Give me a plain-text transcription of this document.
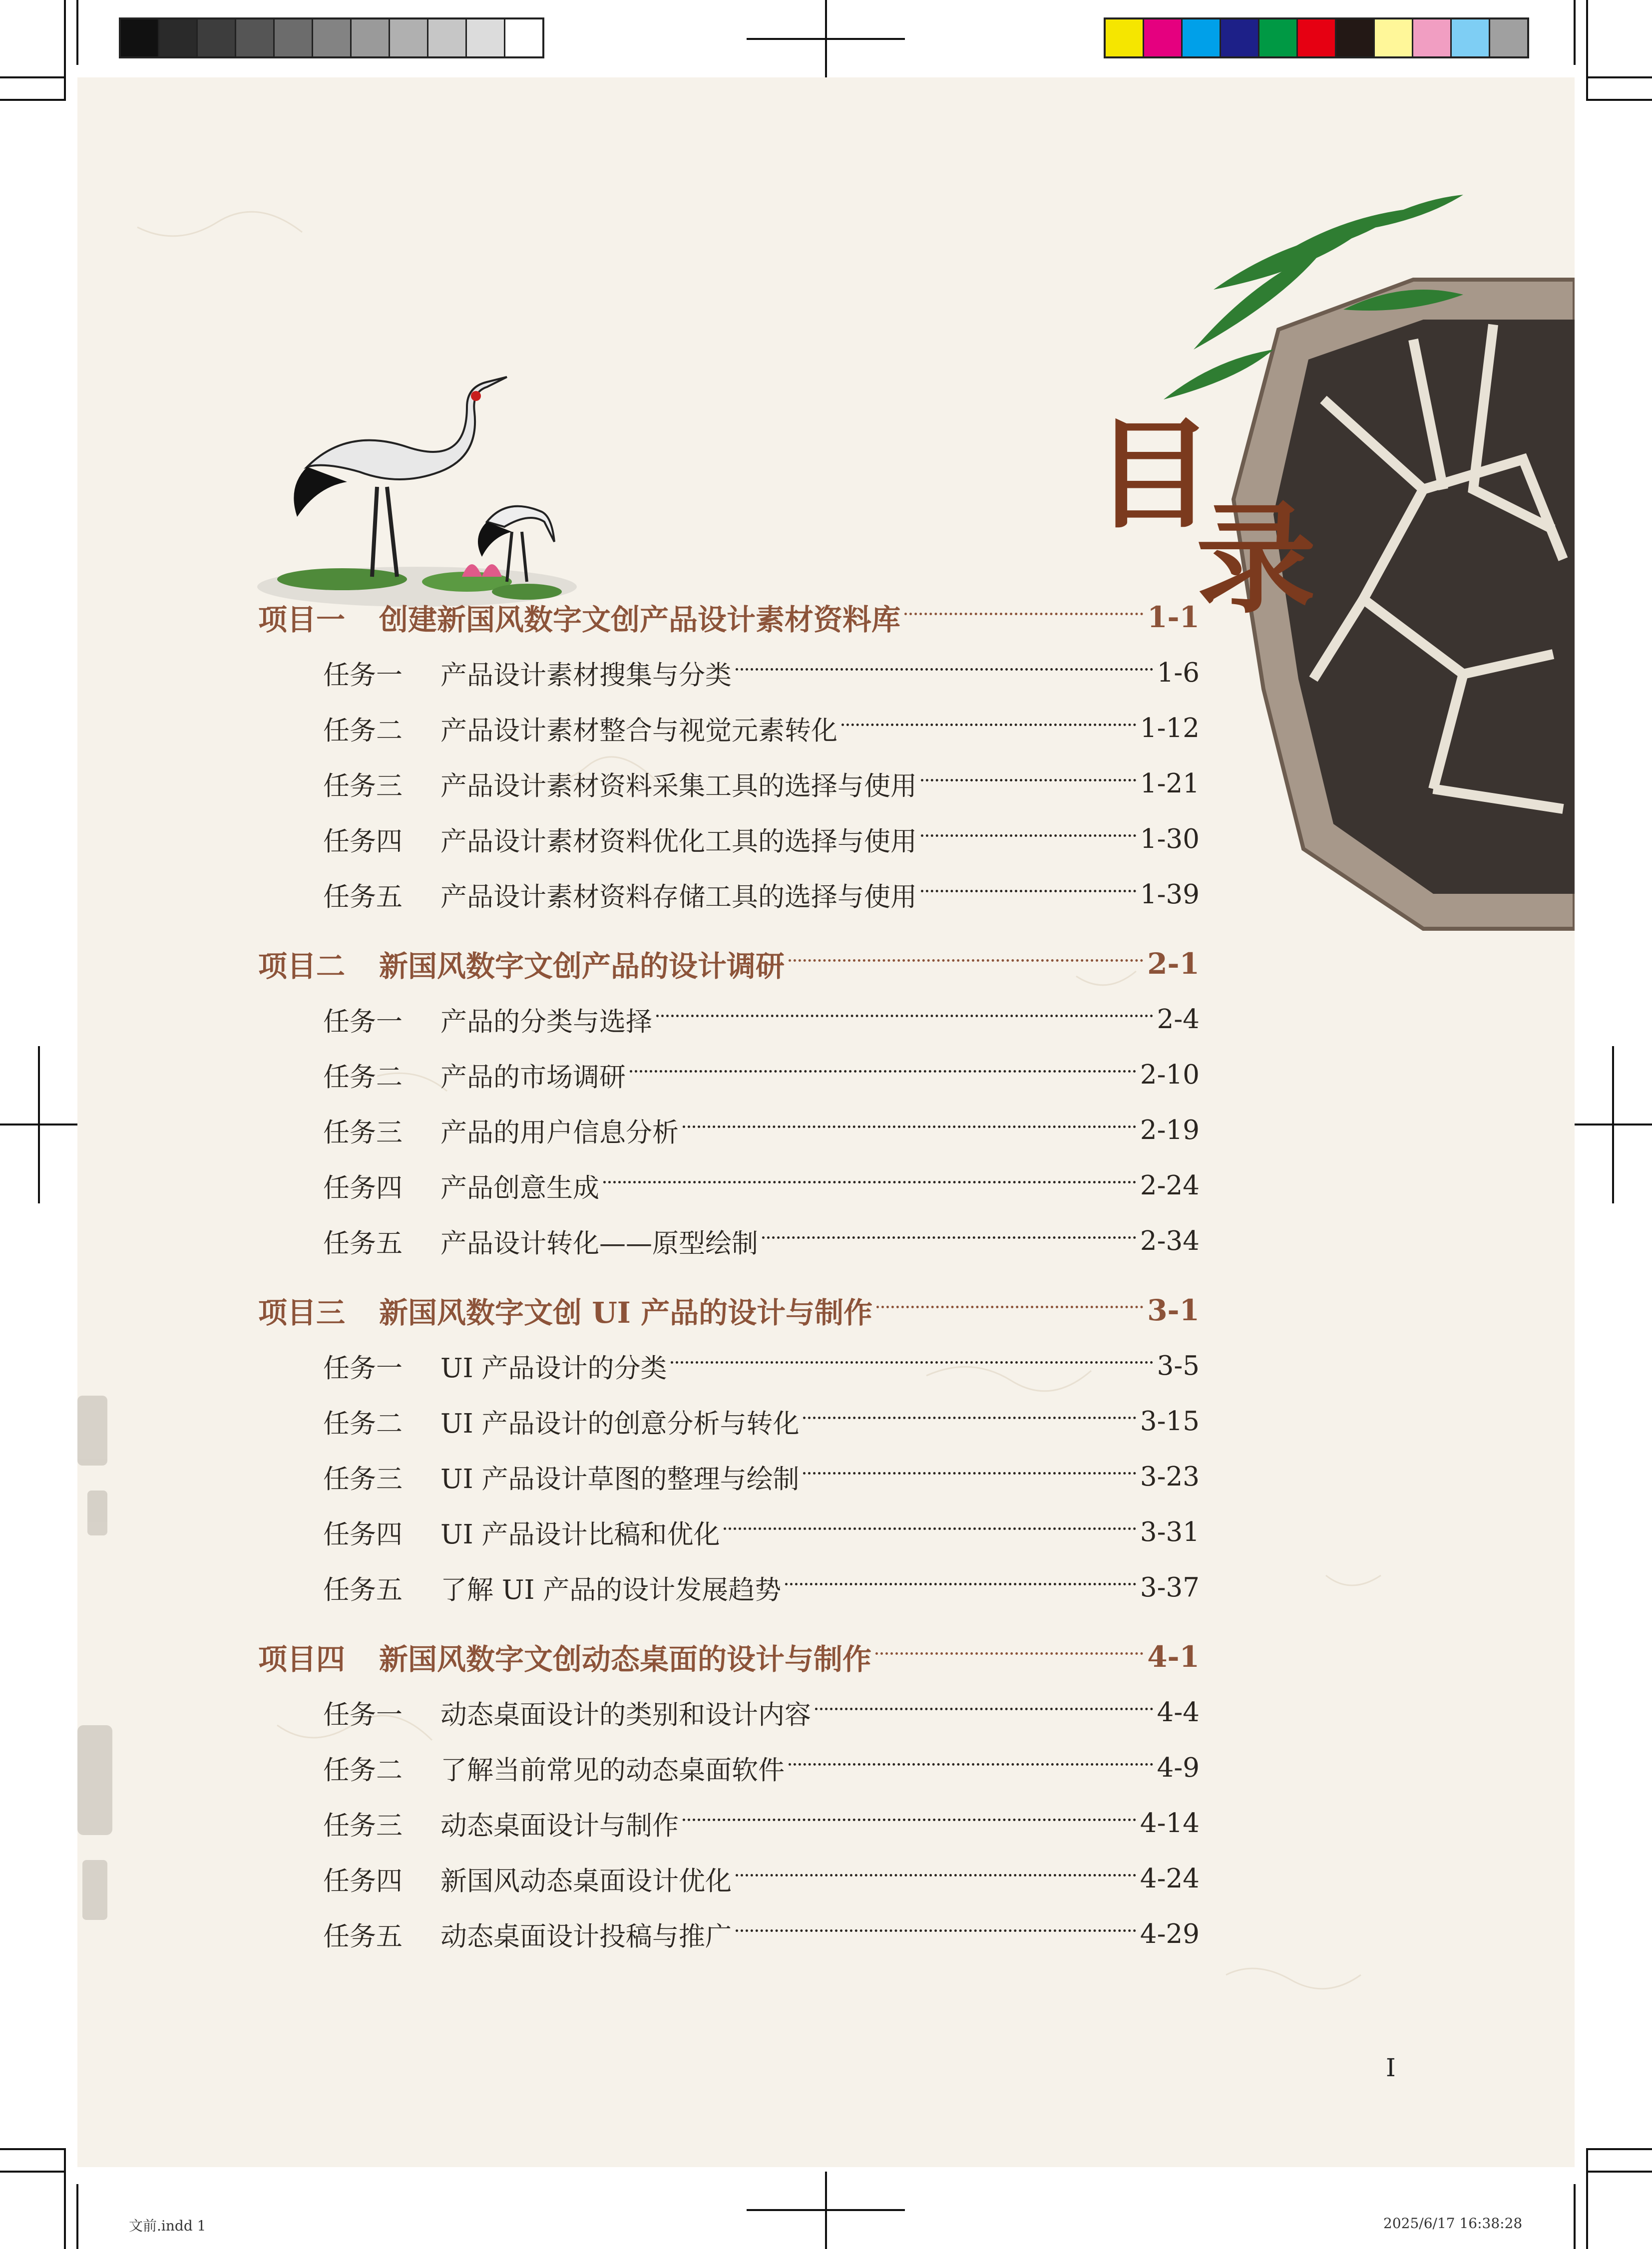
目
录
项目一 创建新国风数字文创产品设计素材资料库	1-1
任务一 产品设计素材搜集与分类	1-6
任务二 产品设计素材整合与视觉元素转化	1-12
任务三 产品设计素材资料采集工具的选择与使用	1-21
任务四 产品设计素材资料优化工具的选择与使用	1-30
任务五 产品设计素材资料存储工具的选择与使用	1-39
项目二 新国风数字文创产品的设计调研	2-1
任务一 产品的分类与选择	2-4
任务二 产品的市场调研	2-10
任务三 产品的用户信息分析	2-19
任务四 产品创意生成	2-24
任务五 产品设计转化——原型绘制	2-34
项目三 新国风数字文创 UI 产品的设计与制作	3-1
任务一 UI 产品设计的分类	3-5
任务二 UI 产品设计的创意分析与转化	3-15
任务三 UI 产品设计草图的整理与绘制	3-23
任务四 UI 产品设计比稿和优化	3-31
任务五 了解 UI 产品的设计发展趋势	3-37
项目四 新国风数字文创动态桌面的设计与制作	4-1
任务一 动态桌面设计的类别和设计内容	4-4
任务二 了解当前常见的动态桌面软件	4-9
任务三 动态桌面设计与制作	4-14
任务四 新国风动态桌面设计优化	4-24
任务五 动态桌面设计投稿与推广	4-29
I
文前.indd 1	2025/6/17 16:38:28
